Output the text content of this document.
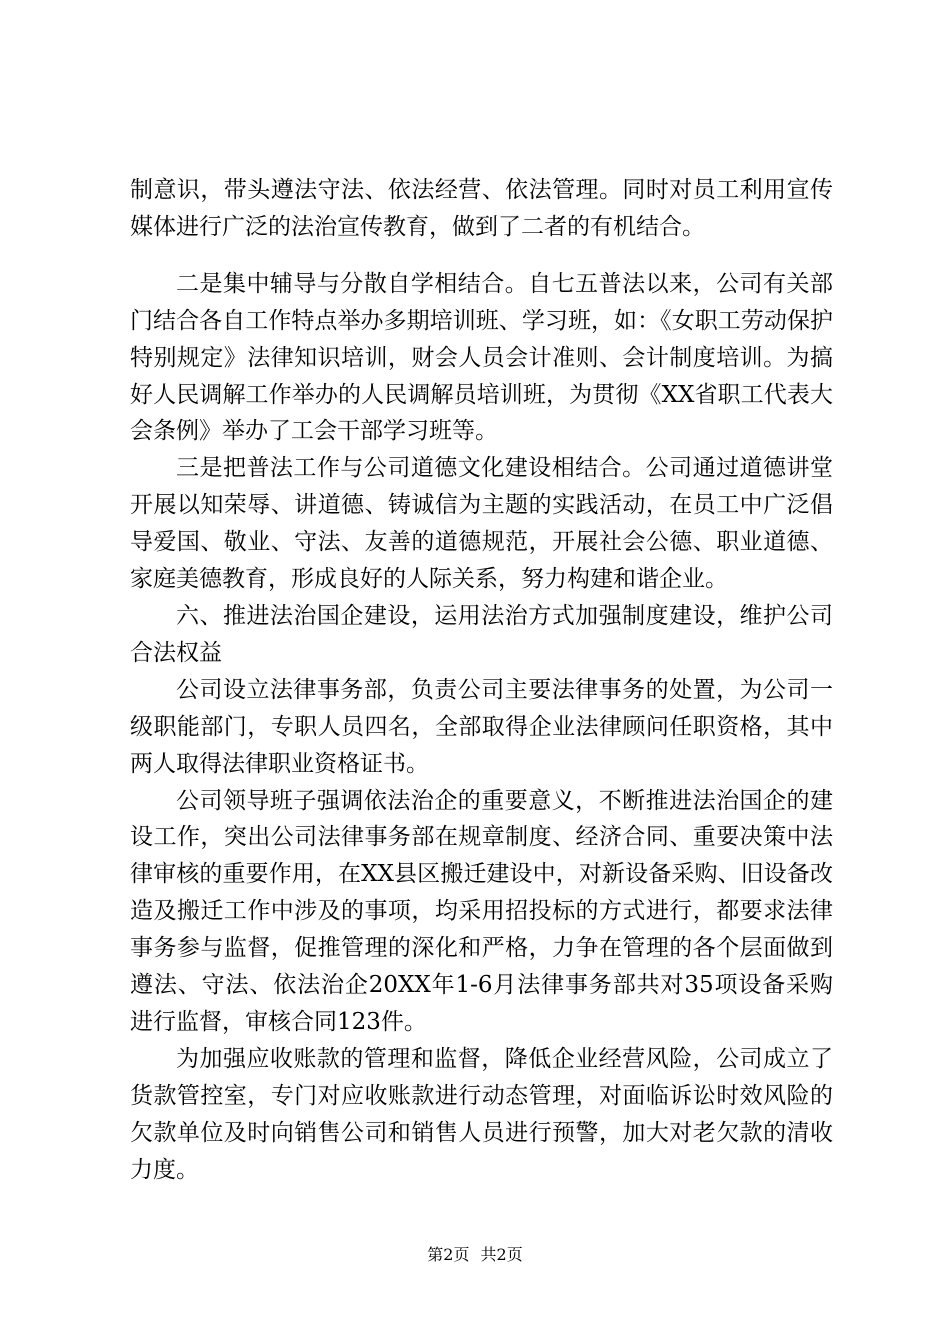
制意识，带头遵法守法、依法经营、依法管理。同时对员工利用宣传媒体进行广泛的法治宣传教育，做到了二者的有机结合。

二是集中辅导与分散自学相结合。自七五普法以来，公司有关部门结合各自工作特点举办多期培训班、学习班，如：《女职工劳动保护特别规定》法律知识培训，财会人员会计准则、会计制度培训。为搞好人民调解工作举办的人民调解员培训班，为贯彻《XX省职工代表大会条例》举办了工会干部学习班等。

三是把普法工作与公司道德文化建设相结合。公司通过道德讲堂开展以知荣辱、讲道德、铸诚信为主题的实践活动，在员工中广泛倡导爱国、敬业、守法、友善的道德规范，开展社会公德、职业道德、家庭美德教育，形成良好的人际关系，努力构建和谐企业。

六、推进法治国企建设，运用法治方式加强制度建设，维护公司合法权益

公司设立法律事务部，负责公司主要法律事务的处置，为公司一级职能部门，专职人员四名，全部取得企业法律顾问任职资格，其中两人取得法律职业资格证书。

公司领导班子强调依法治企的重要意义，不断推进法治国企的建设工作，突出公司法律事务部在规章制度、经济合同、重要决策中法律审核的重要作用，在XX县区搬迁建设中，对新设备采购、旧设备改造及搬迁工作中涉及的事项，均采用招投标的方式进行，都要求法律事务参与监督，促推管理的深化和严格，力争在管理的各个层面做到遵法、守法、依法治企20XX年1-6月法律事务部共对35项设备采购进行监督，审核合同123件。

为加强应收账款的管理和监督，降低企业经营风险，公司成立了货款管控室，专门对应收账款进行动态管理，对面临诉讼时效风险的欠款单位及时向销售公司和销售人员进行预警，加大对老欠款的清收力度。

第2页 共2页
